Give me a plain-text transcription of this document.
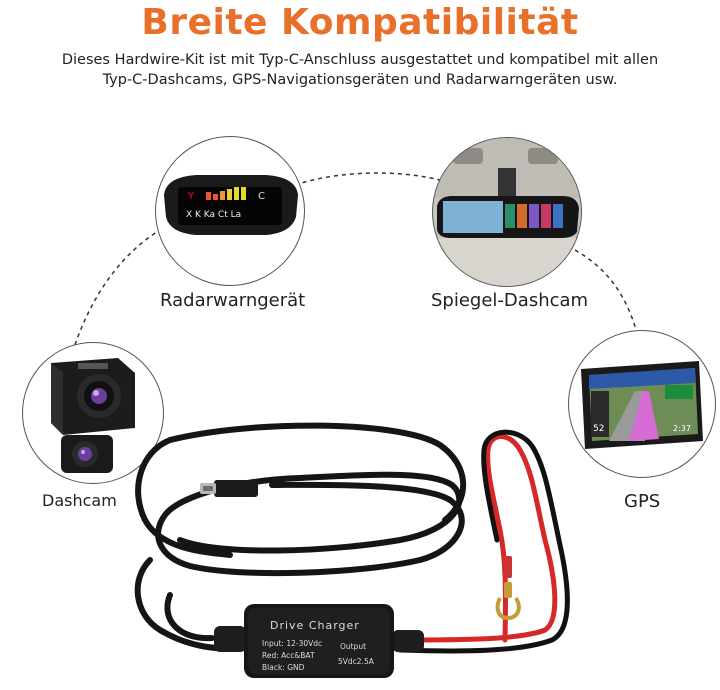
Breite Kompatibilität
Dieses Hardwire-Kit ist mit Typ-C-Anschluss ausgestattet und kompatibel mit allen
Typ-C-Dashcams, GPS-Navigationsgeräten und Radarwarngeräten usw.
Y	C
X K Ka Ct La
Radarwarngerät	Spiegel-Dashcam
Dashcam
52	2:37
GPS
Drive Charger
Input: 12-30Vdc
Red: Acc&BAT
Black: GND
Output
5Vdc2.5A
